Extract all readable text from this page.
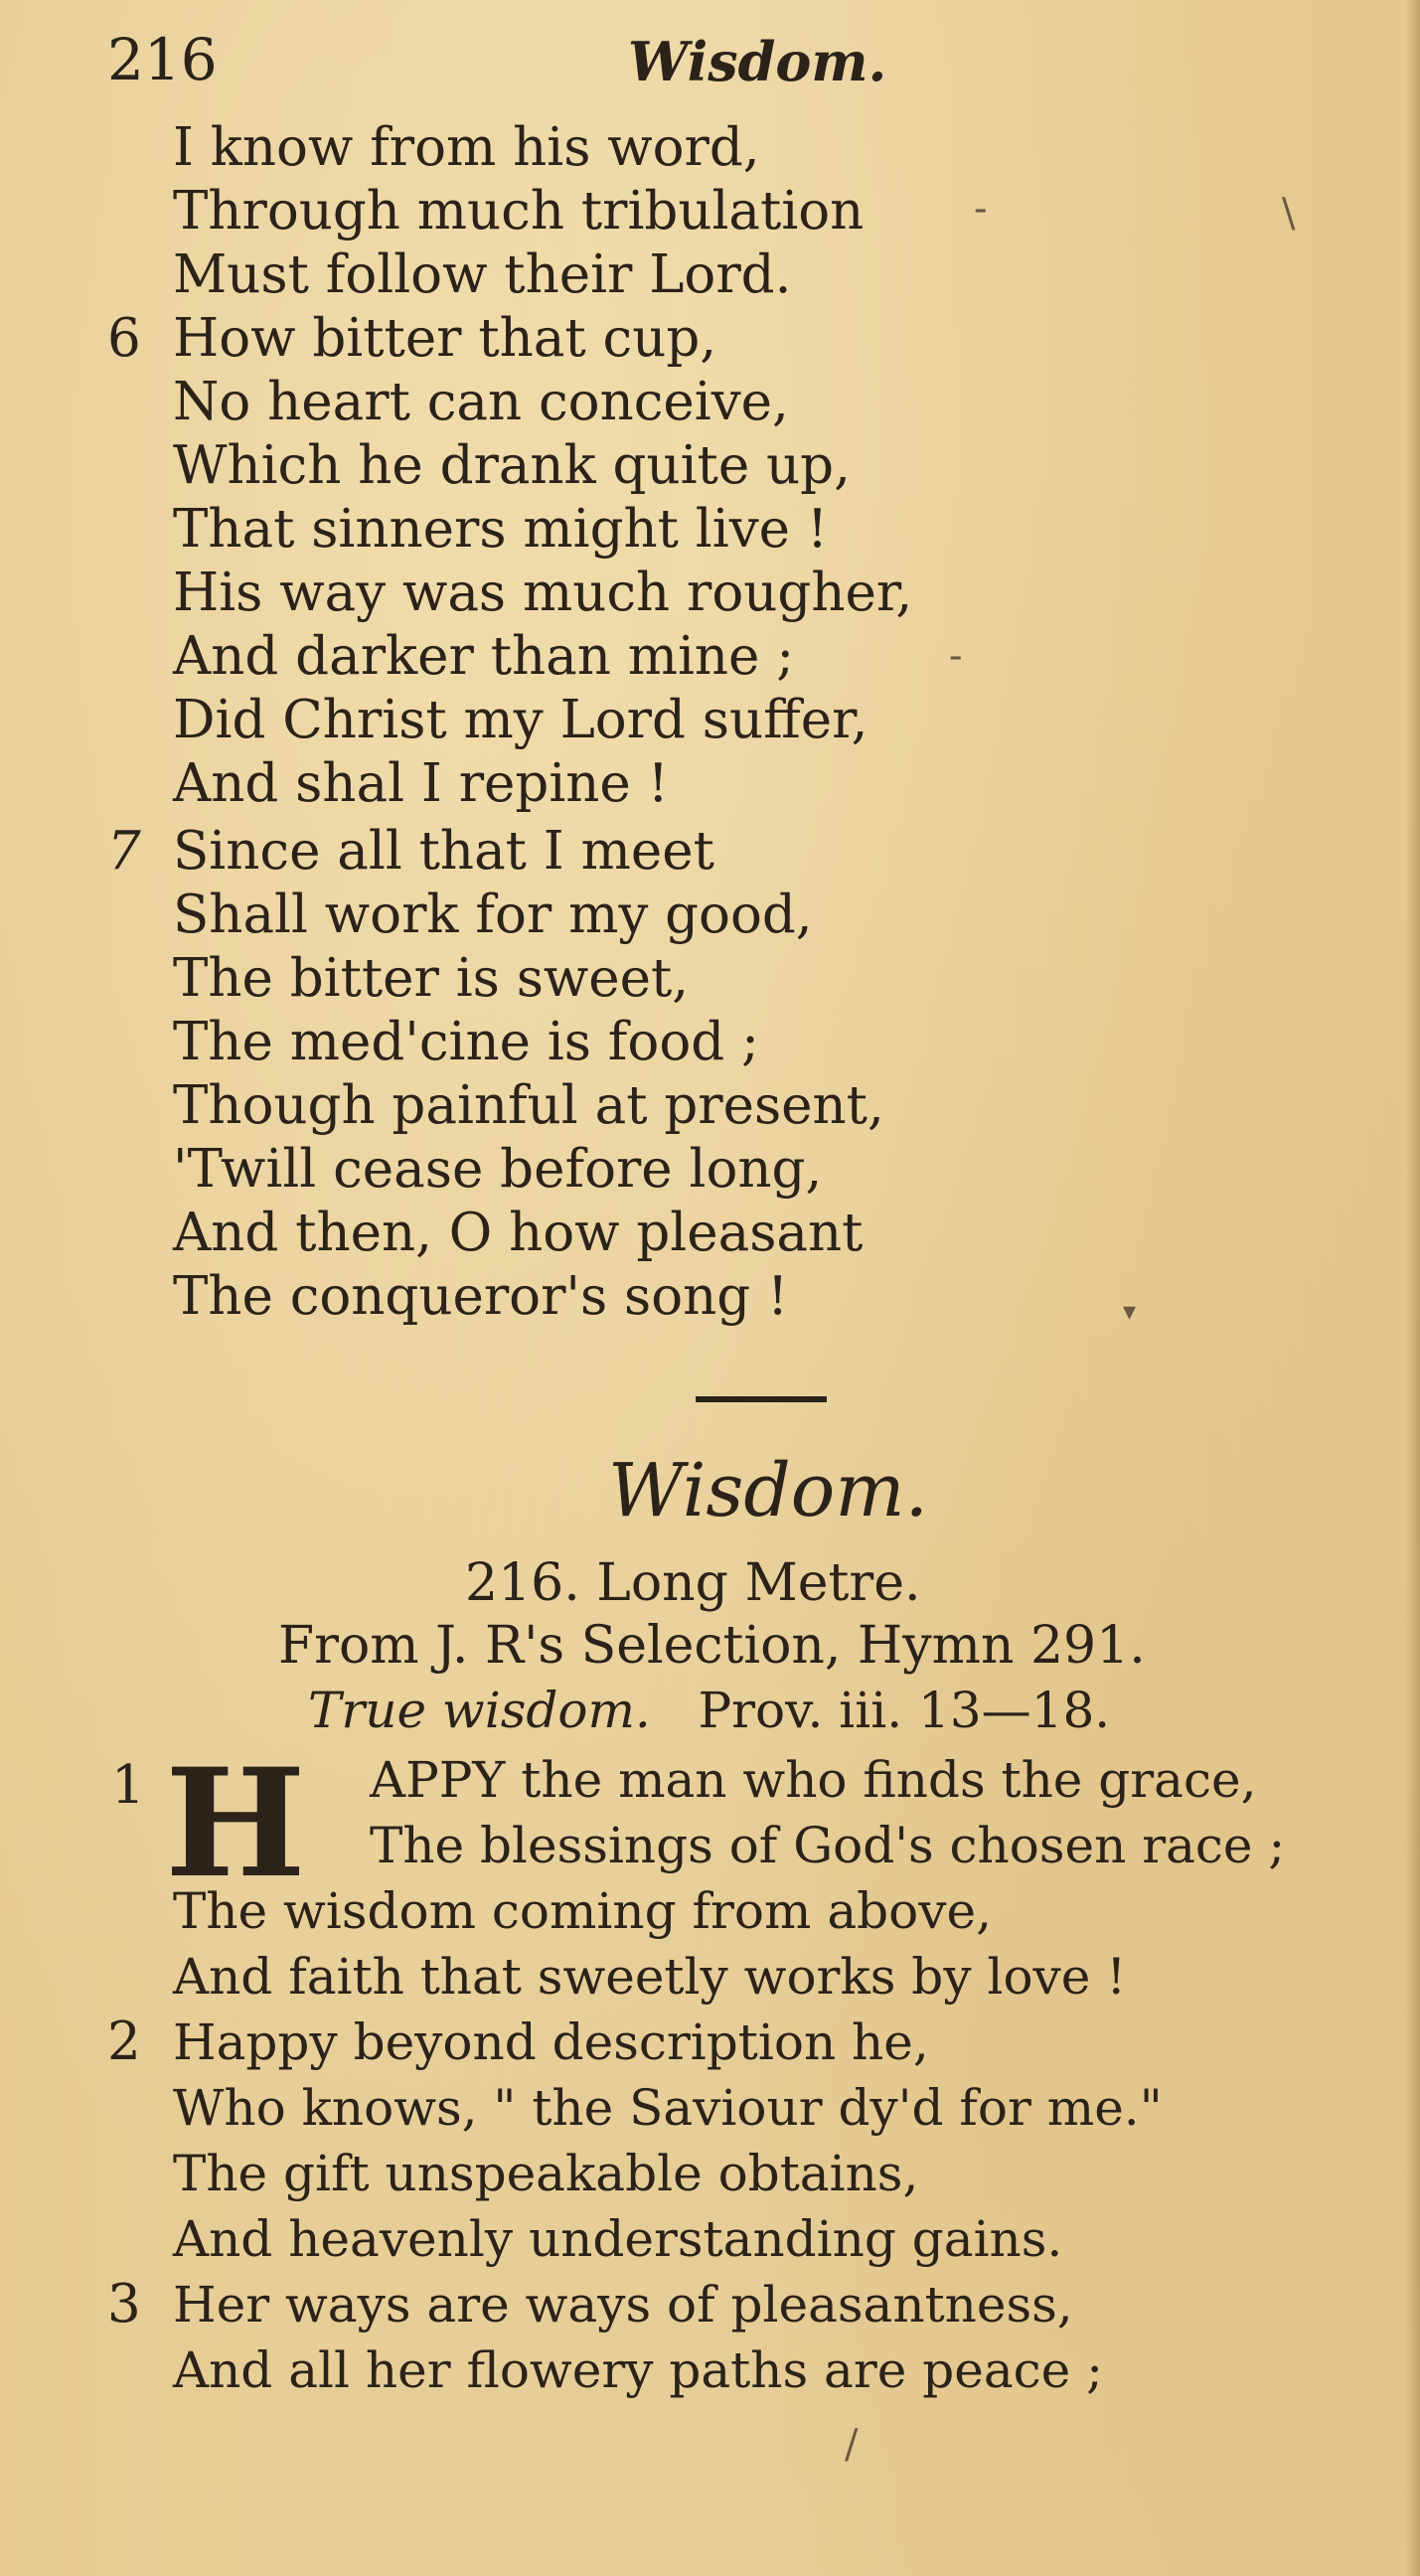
216	Wisdom.
I know from his word,
Through much tribulation
Must follow their Lord.
6 How bitter that cup,
No heart can conceive,
Which he drank quite up,
That sinners might live !
His way was much rougher,
And darker than mine ;
Did Christ my Lord suffer,
And shal I repine !
7 Since all that I meet
Shall work for my good,
The bitter is sweet,
The med'cine is food ;
Though painful at present,
'Twill cease before long,
And then, O how pleasant
The conqueror's song !
Wisdom.
216. Long Metre.
From J. R's Selection, Hymn 291.
True wisdom. Prov. iii. 13—18.
1 H APPY the man who finds the grace,
The blessings of God's chosen race ;
The wisdom coming from above,
And faith that sweetly works by love !
2 Happy beyond description he,
Who knows, " the Saviour dy'd for me."
The gift unspeakable obtains,
And heavenly understanding gains.
3 Her ways are ways of pleasantness,
And all her flowery paths are peace ;
-	\
-
▾
/
